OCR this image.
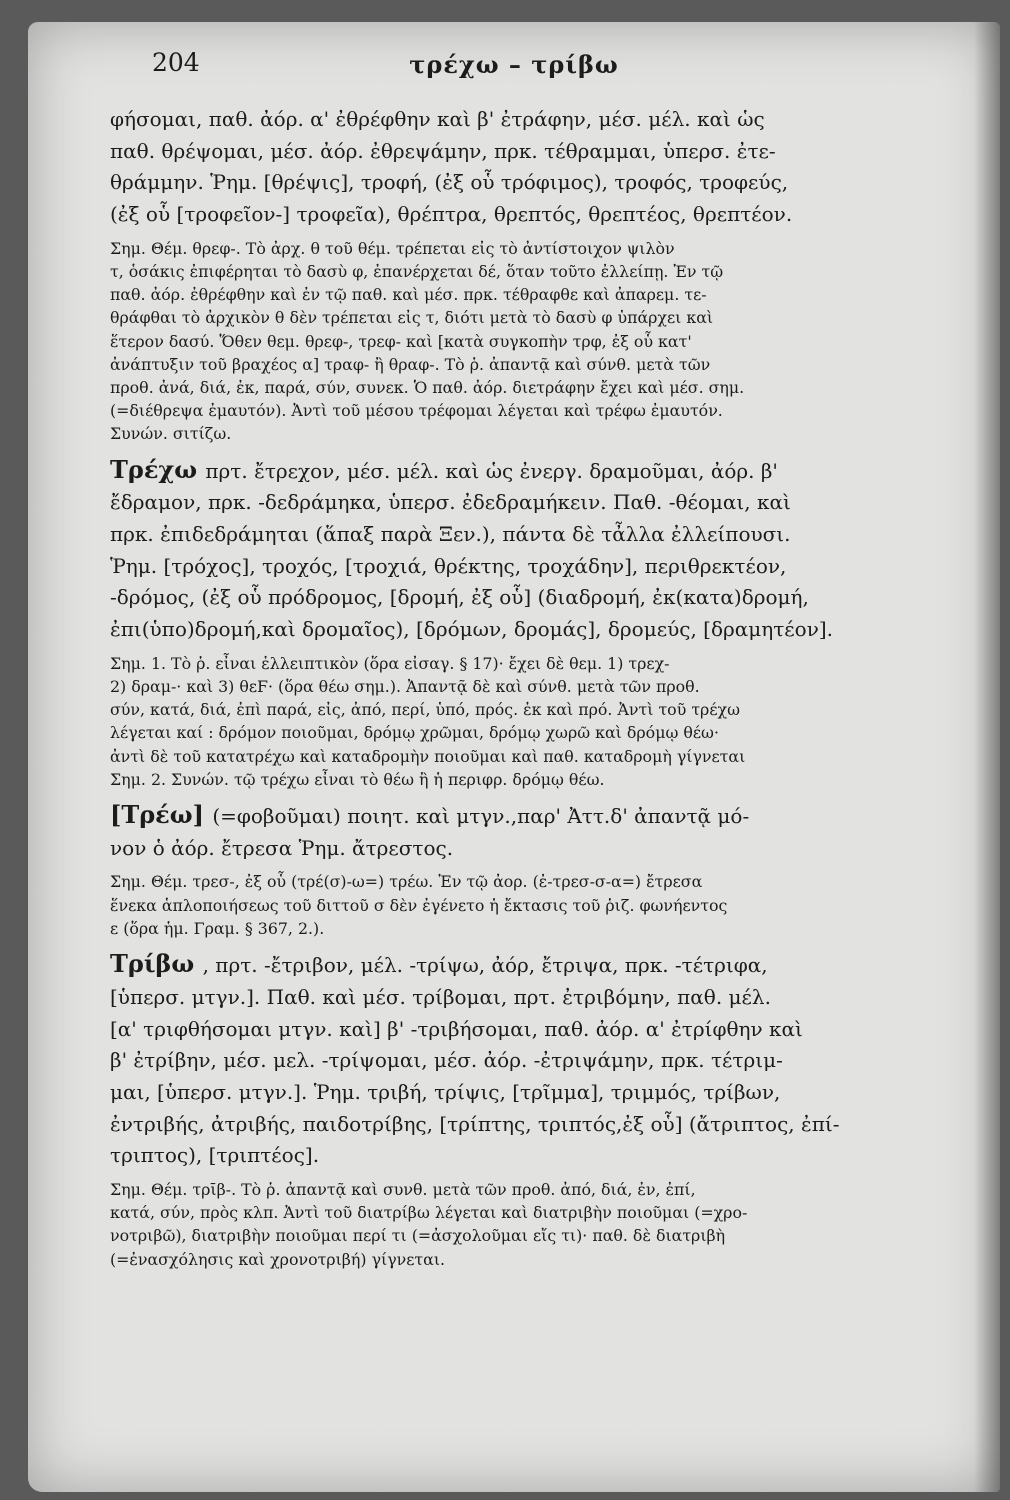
204	τρέχω – τρίβω
φήσομαι, παθ. ἀόρ. α' ἐθρέφθην καὶ β' ἐτράφην, μέσ. μέλ. καὶ ὡς
παθ. θρέψομαι, μέσ. ἀόρ. ἐθρεψάμην, πρκ. τέθραμμαι, ὑπερσ. ἐτε-
θράμμην. Ῥημ. [θρέψις], τροφή, (ἐξ οὗ τρόφιμος), τροφός, τροφεύς,
(ἐξ οὗ [τροφεῖον-] τροφεῖα), θρέπτρα, θρεπτός, θρεπτέος, θρεπτέον.
Σημ. Θέμ. θρεφ-. Τὸ ἀρχ. θ τοῦ θέμ. τρέπεται εἰς τὸ ἀντίστοιχον ψιλὸν
τ, ὁσάκις ἐπιφέρηται τὸ δασὺ φ, ἐπανέρχεται δέ, ὅταν τοῦτο ἐλλείπῃ. Ἐν τῷ
παθ. ἀόρ. ἐθρέφθην καὶ ἐν τῷ παθ. καὶ μέσ. πρκ. τέθραφθε καὶ ἀπαρεμ. τε-
θράφθαι τὸ ἀρχικὸν θ δὲν τρέπεται εἰς τ, διότι μετὰ τὸ δασὺ φ ὑπάρχει καὶ
ἕτερον δασύ. Ὅθεν θεμ. θρεφ-, τρεφ- καὶ [κατὰ συγκοπὴν τρφ, ἐξ οὗ κατ'
ἀνάπτυξιν τοῦ βραχέος α] τραφ- ἢ θραφ-. Τὸ ῥ. ἀπαντᾷ καὶ σύνθ. μετὰ τῶν
προθ. ἀνά, διά, ἐκ, παρά, σύν, συνεκ. Ὁ παθ. ἀόρ. διετράφην ἔχει καὶ μέσ. σημ.
(=διέθρεψα ἐμαυτόν). Ἀντὶ τοῦ μέσου τρέφομαι λέγεται καὶ τρέφω ἐμαυτόν.
Συνών. σιτίζω.
Τρέχω πρτ. ἔτρεχον, μέσ. μέλ. καὶ ὡς ἐνεργ. δραμοῦμαι, ἀόρ. β'
ἔδραμον, πρκ. -δεδράμηκα, ὑπερσ. ἐδεδραμήκειν. Παθ. -θέομαι, καὶ
πρκ. ἐπιδεδράμηται (ἅπαξ παρὰ Ξεν.), πάντα δὲ τἆλλα ἐλλείπουσι.
Ῥημ. [τρόχος], τροχός, [τροχιά, θρέκτης, τροχάδην], περιθρεκτέον,
-δρόμος, (ἐξ οὗ πρόδρομος, [δρομή, ἐξ οὗ] (διαδρομή, ἐκ(κατα)δρομή,
ἐπι(ὑπο)δρομή,καὶ δρομαῖος), [δρόμων, δρομάς], δρομεύς, [δραμητέον].
Σημ. 1. Τὸ ῥ. εἶναι ἐλλειπτικὸν (ὅρα εἰσαγ. § 17)· ἔχει δὲ θεμ. 1) τρεχ-
2) δραμ-· καὶ 3) θεϜ· (ὅρα θέω σημ.). Ἀπαντᾷ δὲ καὶ σύνθ. μετὰ τῶν προθ.
σύν, κατά, διά, ἐπὶ παρά, εἰς, ἀπό, περί, ὑπό, πρός. ἐκ καὶ πρό. Ἀντὶ τοῦ τρέχω
λέγεται καί : δρόμον ποιοῦμαι, δρόμῳ χρῶμαι, δρόμῳ χωρῶ καὶ δρόμῳ θέω·
ἀντὶ δὲ τοῦ κατατρέχω καὶ καταδρομὴν ποιοῦμαι καὶ παθ. καταδρομὴ γίγνεται
Σημ. 2. Συνών. τῷ τρέχω εἶναι τὸ θέω ἢ ἡ περιφρ. δρόμῳ θέω.
[Τρέω] (=φοβοῦμαι) ποιητ. καὶ μτγν.,παρ' Ἀττ.δ' ἀπαντᾷ μό-
νον ὁ ἀόρ. ἔτρεσα Ῥημ. ἄτρεστος.
Σημ. Θέμ. τρεσ-, ἐξ οὗ (τρέ(σ)-ω=) τρέω. Ἐν τῷ ἀορ. (ἐ-τρεσ-σ-α=) ἔτρεσα
ἕνεκα ἁπλοποιήσεως τοῦ διττοῦ σ δὲν ἐγένετο ἡ ἔκτασις τοῦ ῥιζ. φωνήεντος
ε (ὅρα ἡμ. Γραμ. § 367, 2.).
Τρίβω , πρτ. -ἔτριβον, μέλ. -τρίψω, ἀόρ, ἔτριψα, πρκ. -τέτριφα,
[ὑπερσ. μτγν.]. Παθ. καὶ μέσ. τρίβομαι, πρτ. ἐτριβόμην, παθ. μέλ.
[α' τριφθήσομαι μτγν. καὶ] β' -τριβήσομαι, παθ. ἀόρ. α' ἐτρίφθην καὶ
β' ἐτρίβην, μέσ. μελ. -τρίψομαι, μέσ. ἀόρ. -ἐτριψάμην, πρκ. τέτριμ-
μαι, [ὑπερσ. μτγν.]. Ῥημ. τριβή, τρίψις, [τρῖμμα], τριμμός, τρίβων,
ἐντριβής, ἀτριβής, παιδοτρίβης, [τρίπτης, τριπτός,ἐξ οὗ] (ἄτριπτος, ἐπί-
τριπτος), [τριπτέος].
Σημ. Θέμ. τρῑβ-. Τὸ ῥ. ἀπαντᾷ καὶ συνθ. μετὰ τῶν προθ. ἀπό, διά, ἐν, ἐπί,
κατά, σύν, πρὸς κλπ. Ἀντὶ τοῦ διατρίβω λέγεται καὶ διατριβὴν ποιοῦμαι (=χρο-
νοτριβῶ), διατριβὴν ποιοῦμαι περί τι (=ἀσχολοῦμαι εἴς τι)· παθ. δὲ διατριβὴ
(=ἐνασχόλησις καὶ χρονοτριβή) γίγνεται.
